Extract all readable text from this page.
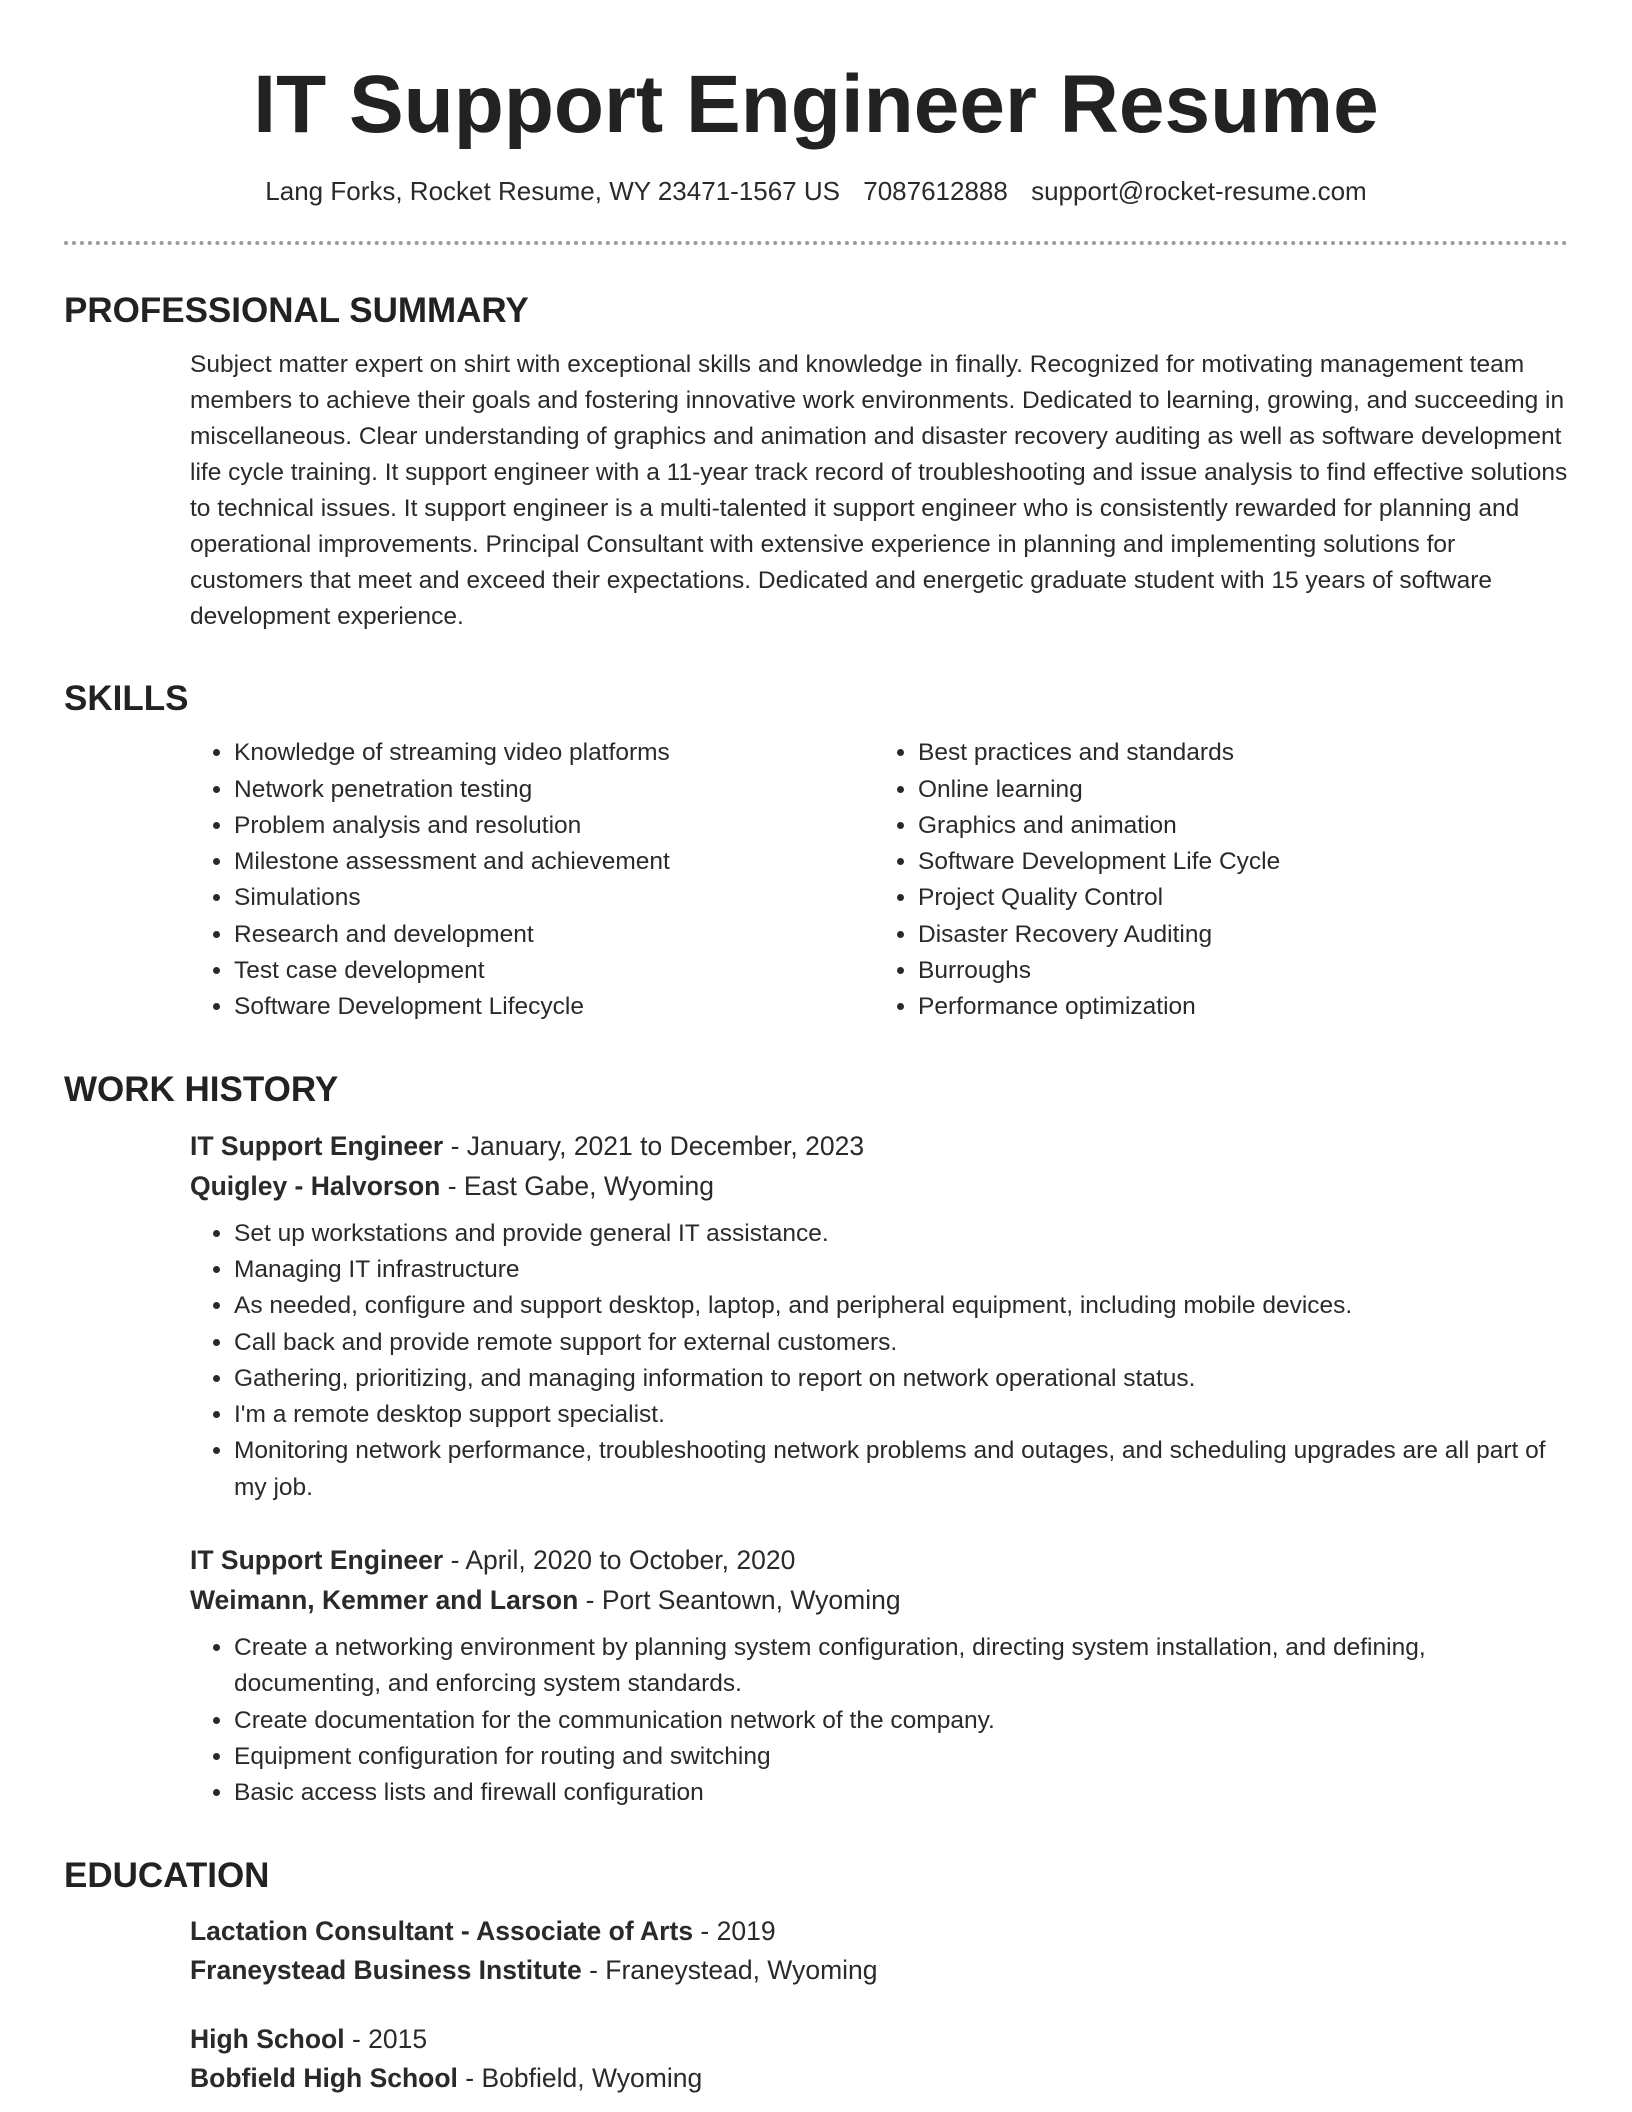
IT Support Engineer Resume
Lang Forks, Rocket Resume, WY 23471-1567 US 7087612888 support@rocket-resume.com
PROFESSIONAL SUMMARY

Subject matter expert on shirt with exceptional skills and knowledge in finally. Recognized for motivating management team members to achieve their goals and fostering innovative work environments. Dedicated to learning, growing, and succeeding in miscellaneous. Clear understanding of graphics and animation and disaster recovery auditing as well as software development life cycle training. It support engineer with a 11-year track record of troubleshooting and issue analysis to find effective solutions to technical issues. It support engineer is a multi-talented it support engineer who is consistently rewarded for planning and operational improvements. Principal Consultant with extensive experience in planning and implementing solutions for customers that meet and exceed their expectations. Dedicated and energetic graduate student with 15 years of software development experience.

SKILLS
• Knowledge of streaming video platforms
• Network penetration testing
• Problem analysis and resolution
• Milestone assessment and achievement
• Simulations
• Research and development
• Test case development
• Software Development Lifecycle
• Best practices and standards
• Online learning
• Graphics and animation
• Software Development Life Cycle
• Project Quality Control
• Disaster Recovery Auditing
• Burroughs
• Performance optimization
WORK HISTORY
IT Support Engineer - January, 2021 to December, 2023
Quigley - Halvorson - East Gabe, Wyoming
• Set up workstations and provide general IT assistance.
• Managing IT infrastructure
• As needed, configure and support desktop, laptop, and peripheral equipment, including mobile devices.
• Call back and provide remote support for external customers.
• Gathering, prioritizing, and managing information to report on network operational status.
• I'm a remote desktop support specialist.
• Monitoring network performance, troubleshooting network problems and outages, and scheduling upgrades are all part of my job.
IT Support Engineer - April, 2020 to October, 2020
Weimann, Kemmer and Larson - Port Seantown, Wyoming
• Create a networking environment by planning system configuration, directing system installation, and defining, documenting, and enforcing system standards.
• Create documentation for the communication network of the company.
• Equipment configuration for routing and switching
• Basic access lists and firewall configuration
EDUCATION
Lactation Consultant - Associate of Arts - 2019
Franeystead Business Institute - Franeystead, Wyoming
High School - 2015
Bobfield High School - Bobfield, Wyoming
